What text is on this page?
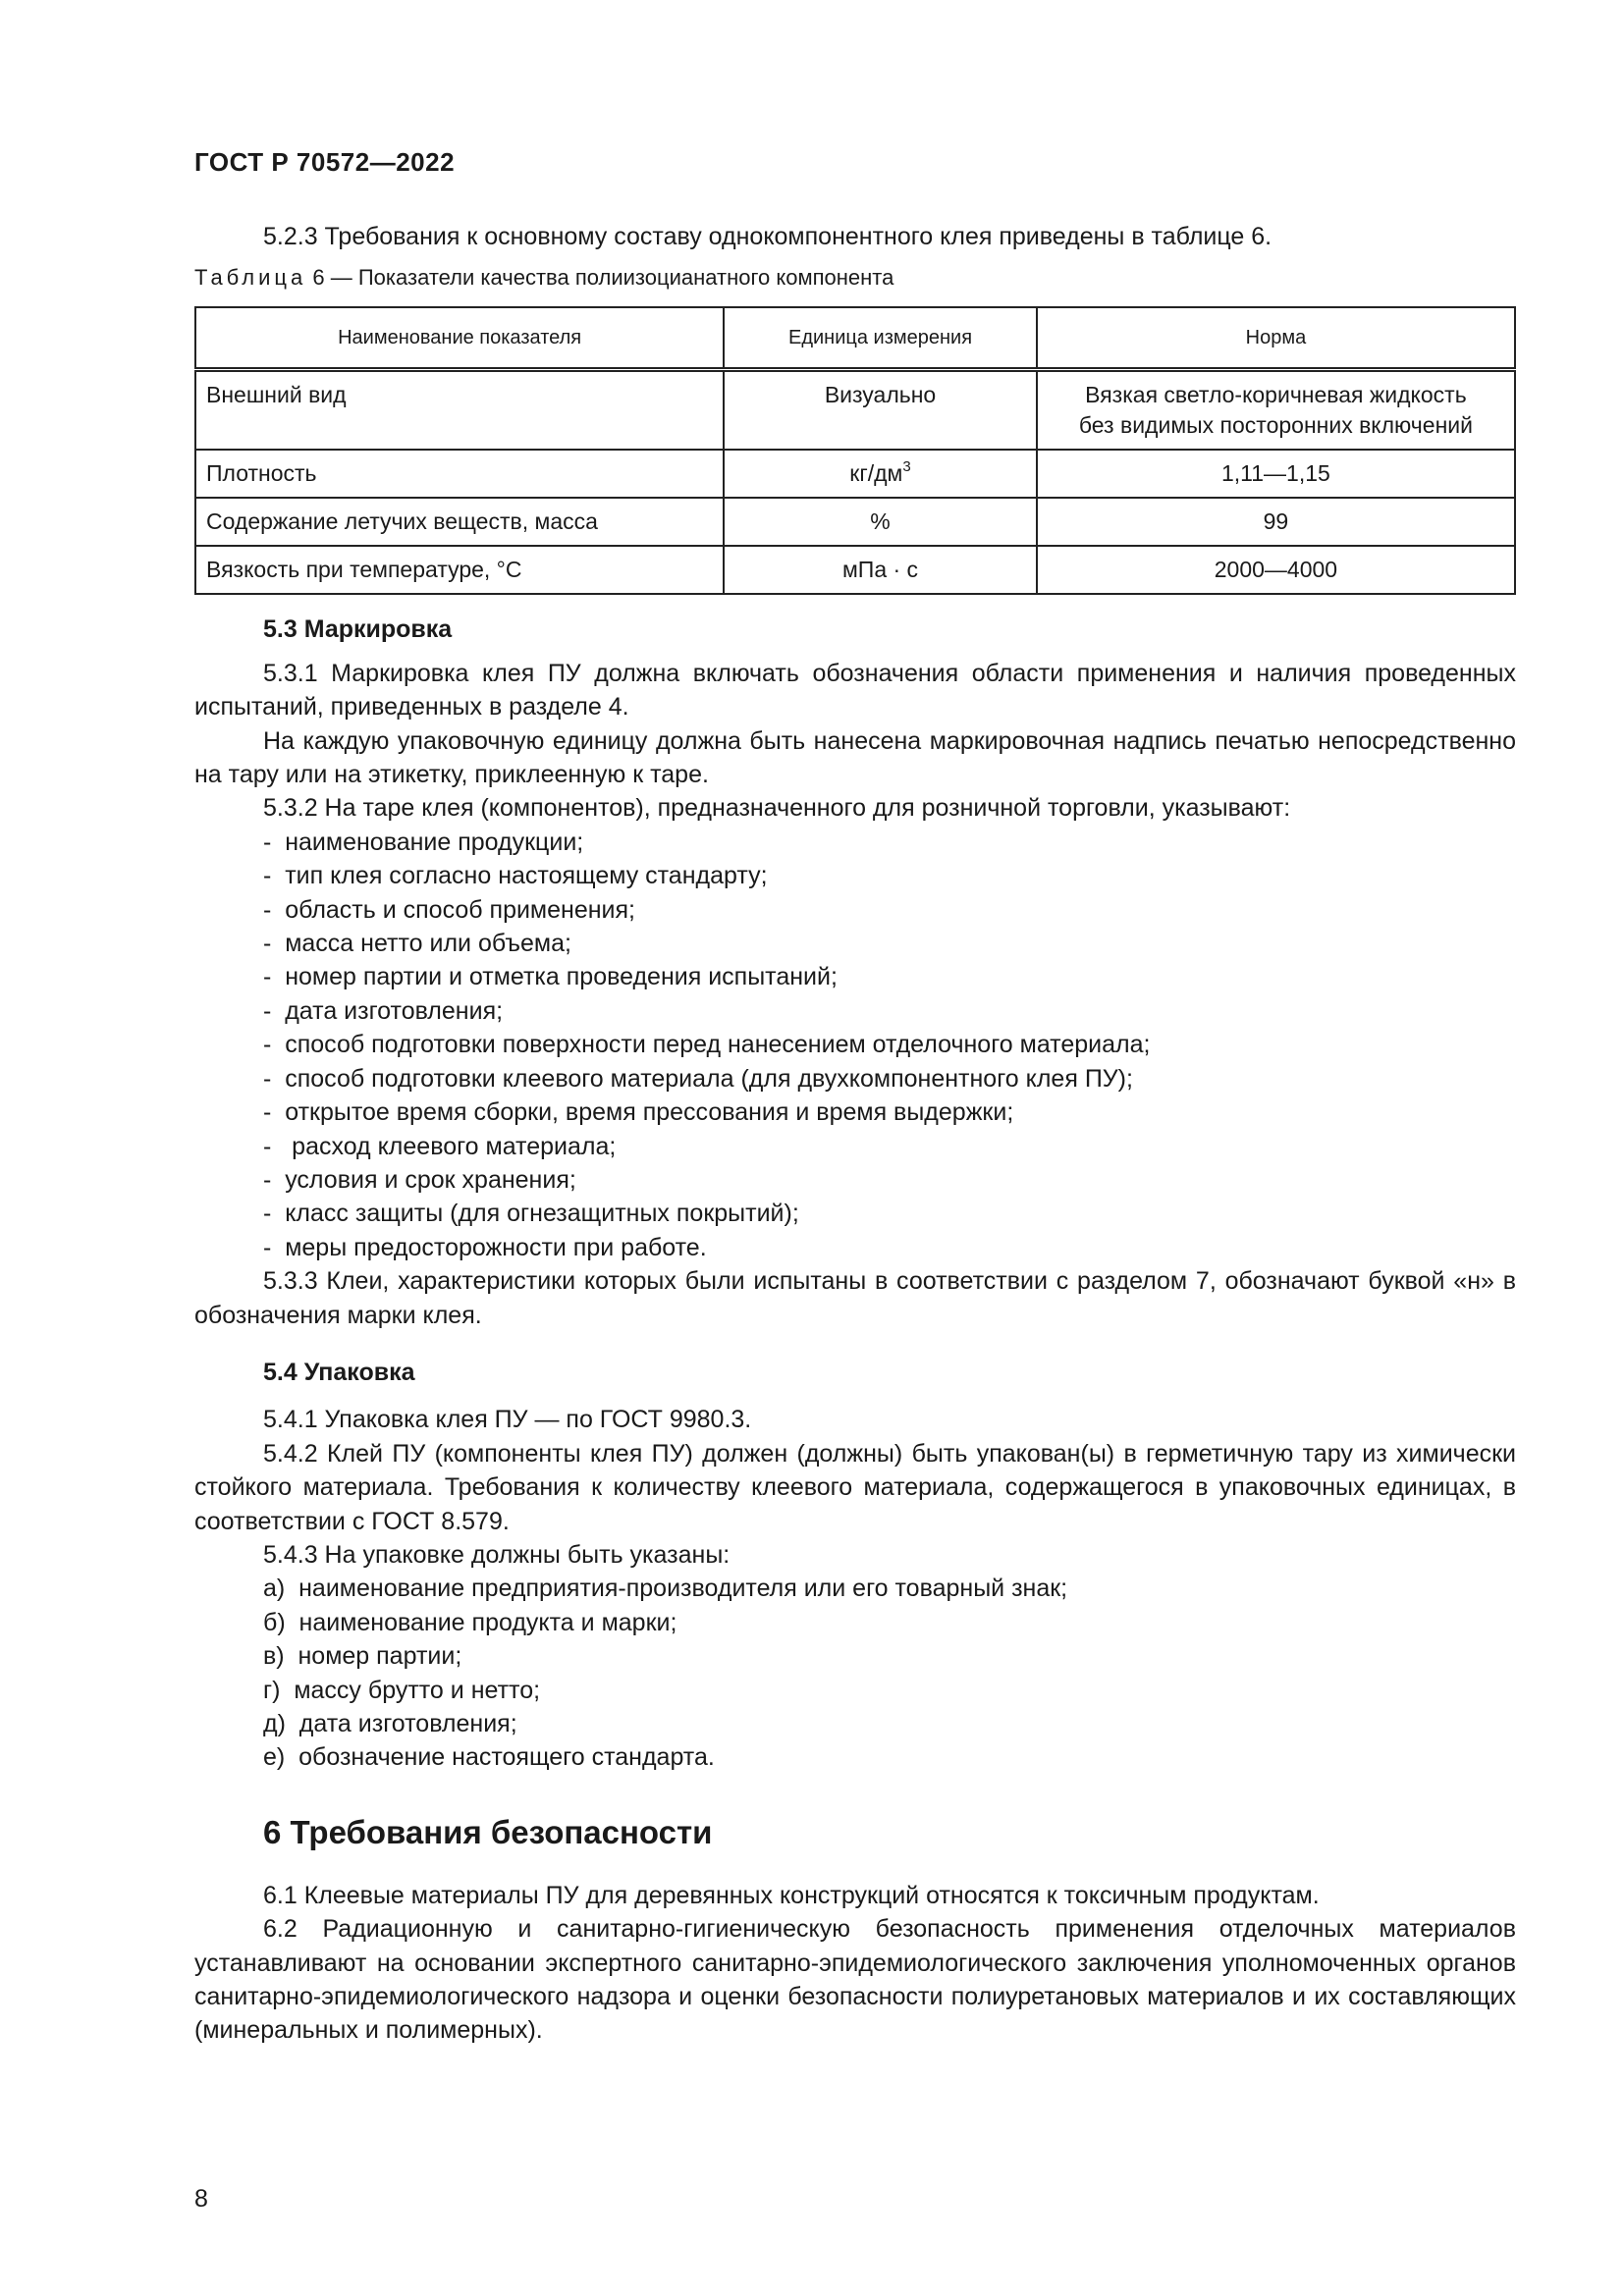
ГОСТ Р 70572—2022

5.2.3 Требования к основному составу однокомпонентного клея приведены в таблице 6.

Таблица 6 — Показатели качества полиизоцианатного компонента
Наименование показателя	Единица измерения	Норма
Внешний вид	Визуально	Вязкая светло-коричневая жидкость
без видимых посторонних включений
Плотность	$кг/дм^3$	1,11—1,15
Содержание летучих веществ, масса	%	99
Вязкость при температуре, °C	мПа · с	2000—4000
5.3 Маркировка

5.3.1 Маркировка клея ПУ должна включать обозначения области применения и наличия проведенных испытаний, приведенных в разделе 4.

На каждую упаковочную единицу должна быть нанесена маркировочная надпись печатью непосредственно на тару или на этикетку, приклеенную к таре.

5.3.2 На таре клея (компонентов), предназначенного для розничной торговли, указывают:

-  наименование продукции;
-  тип клея согласно настоящему стандарту;
-  область и способ применения;
-  масса нетто или объема;
-  номер партии и отметка проведения испытаний;
-  дата изготовления;
-  способ подготовки поверхности перед нанесением отделочного материала;
-  способ подготовки клеевого материала (для двухкомпонентного клея ПУ);
-  открытое время сборки, время прессования и время выдержки;
-   расход клеевого материала;
-  условия и срок хранения;
-  класс защиты (для огнезащитных покрытий);
-  меры предосторожности при работе.

5.3.3 Клеи, характеристики которых были испытаны в соответствии с разделом 7, обозначают буквой «н» в обозначения марки клея.

5.4 Упаковка

5.4.1 Упаковка клея ПУ — по ГОСТ 9980.3.

5.4.2 Клей ПУ (компоненты клея ПУ) должен (должны) быть упакован(ы) в герметичную тару из химически стойкого материала. Требования к количеству клеевого материала, содержащегося в упаковочных единицах, в соответствии с ГОСТ 8.579.

5.4.3 На упаковке должны быть указаны:

а)  наименование предприятия-производителя или его товарный знак;
б)  наименование продукта и марки;
в)  номер партии;
г)  массу брутто и нетто;
д)  дата изготовления;
е)  обозначение настоящего стандарта.
6 Требования безопасности

6.1 Клеевые материалы ПУ для деревянных конструкций относятся к токсичным продуктам.

6.2 Радиационную и санитарно-гигиеническую безопасность применения отделочных материалов устанавливают на основании экспертного санитарно-эпидемиологического заключения уполномоченных органов санитарно-эпидемиологического надзора и оценки безопасности полиуретановых материалов и их составляющих (минеральных и полимерных).

8
